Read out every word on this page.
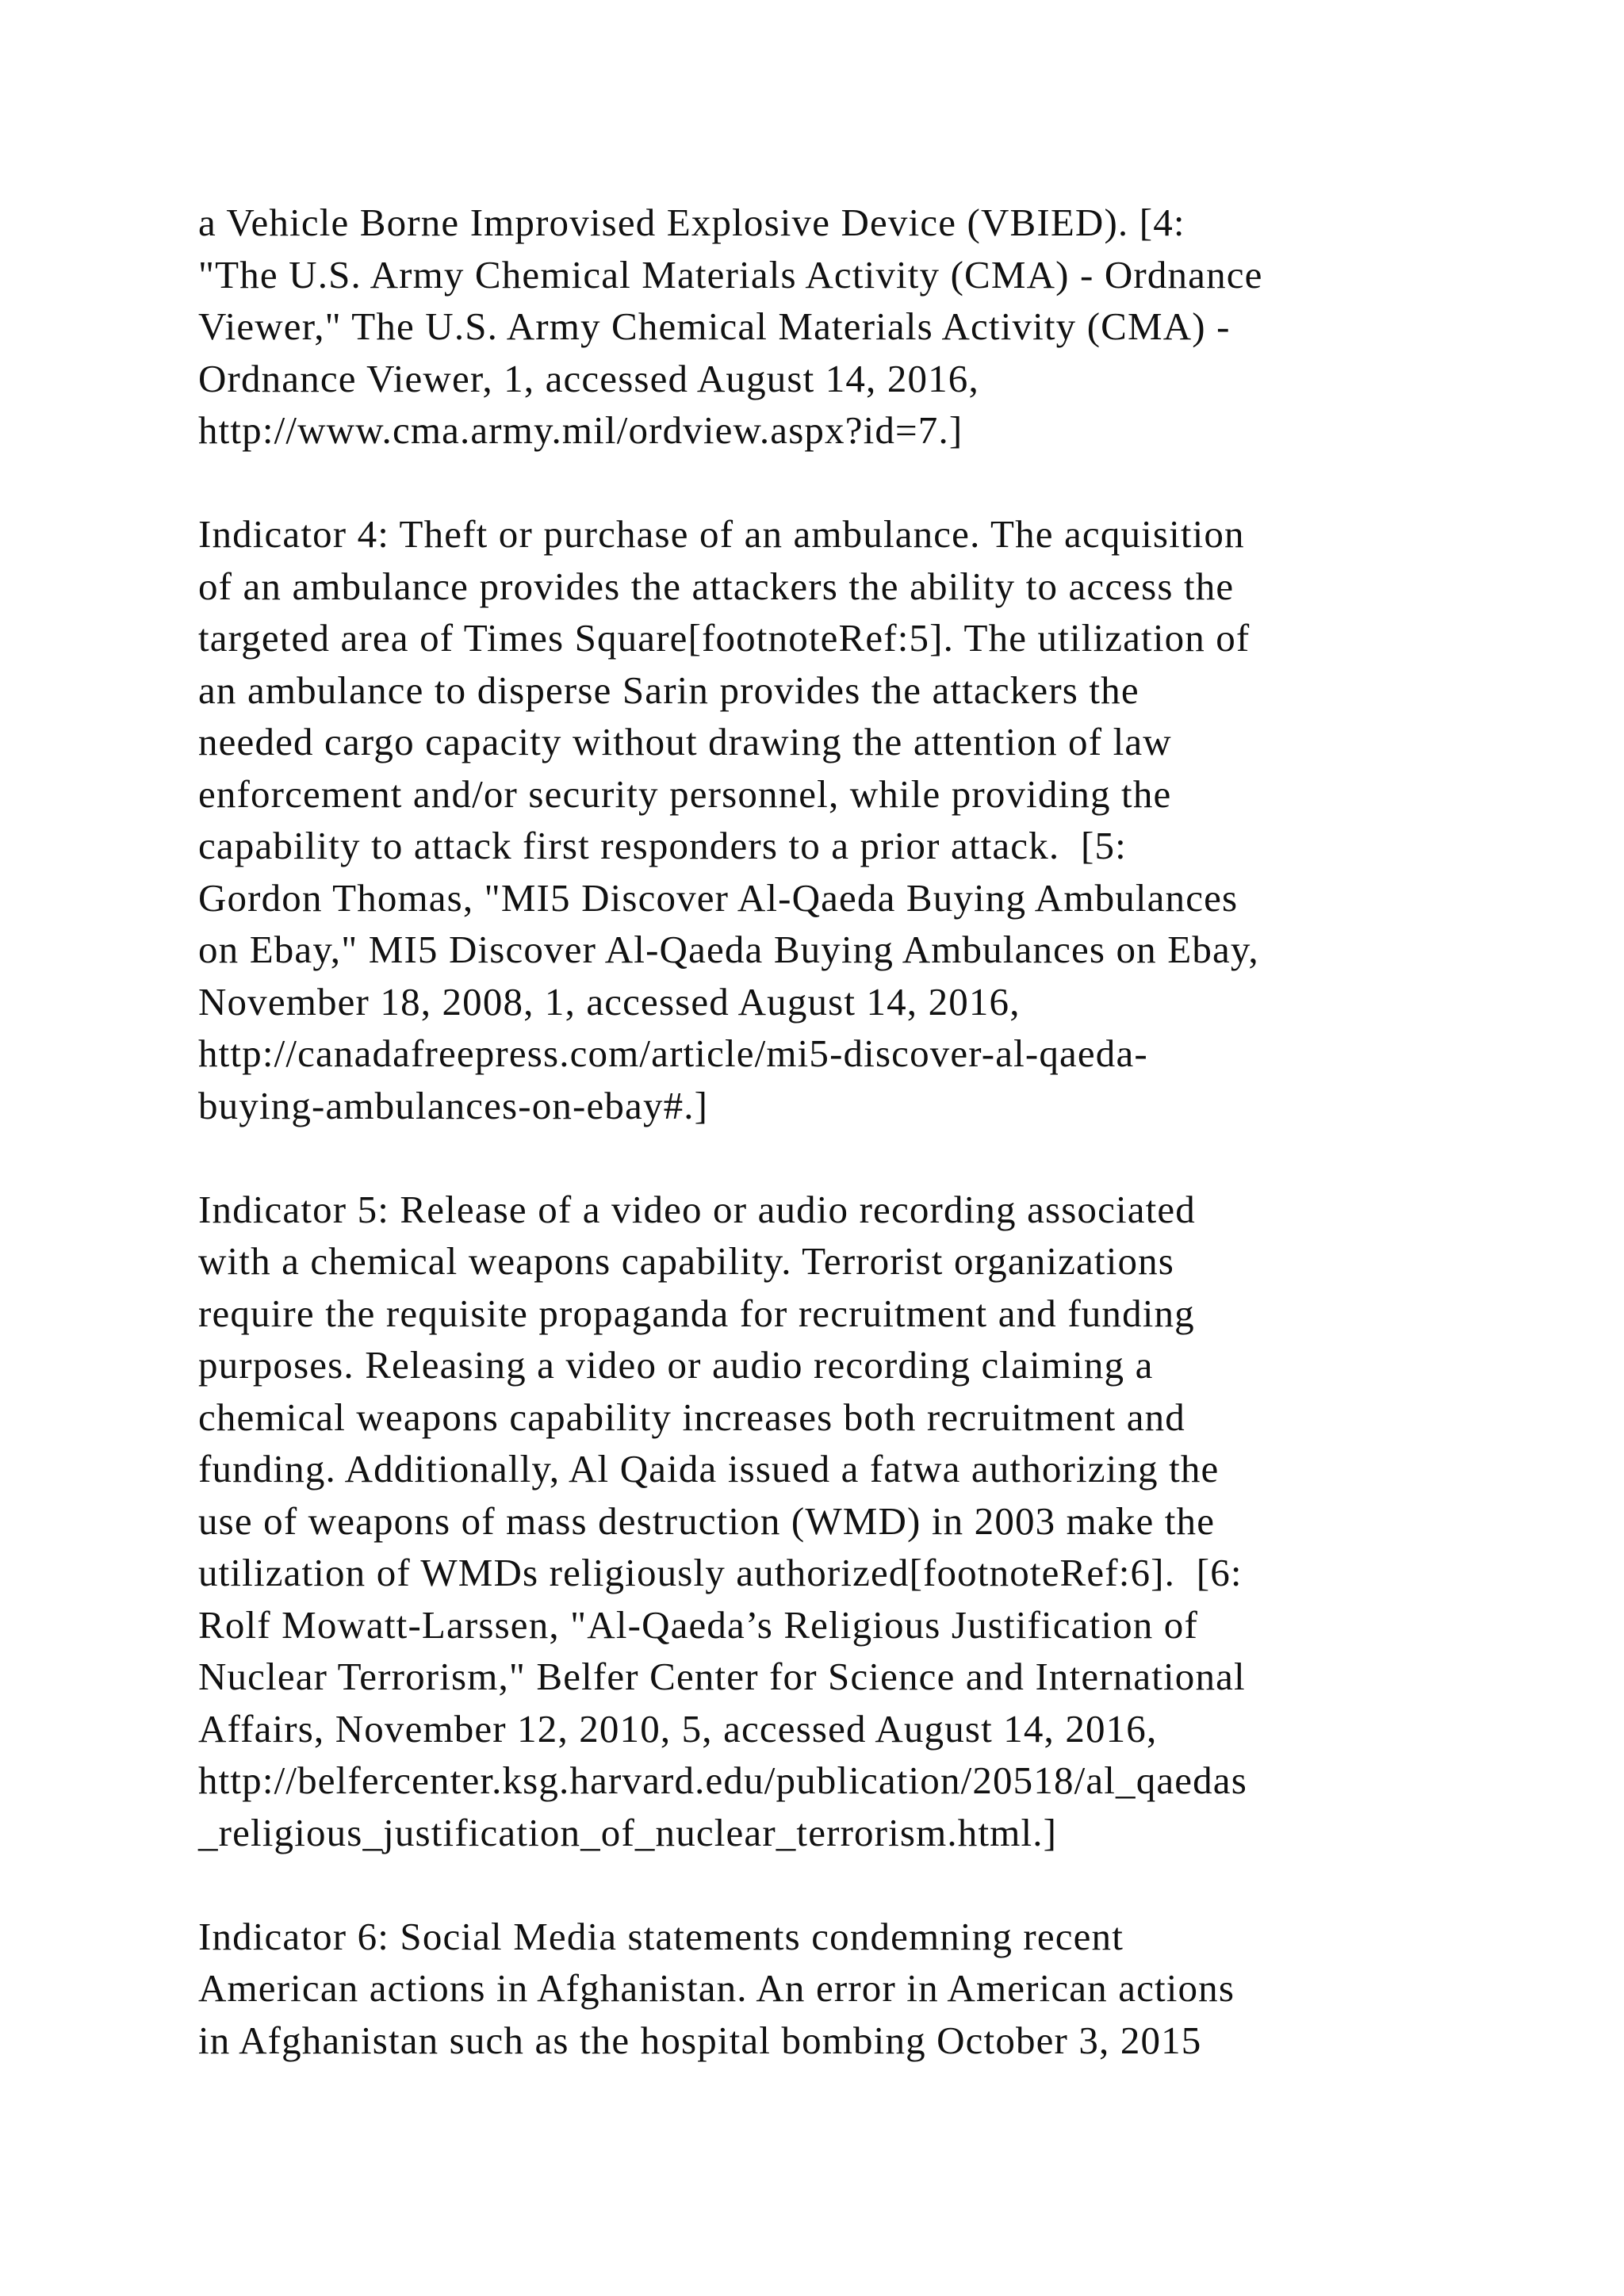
a Vehicle Borne Improvised Explosive Device (VBIED). [4:
"The U.S. Army Chemical Materials Activity (CMA) - Ordnance
Viewer," The U.S. Army Chemical Materials Activity (CMA) -
Ordnance Viewer, 1, accessed August 14, 2016,
http://www.cma.army.mil/ordview.aspx?id=7.]
Indicator 4: Theft or purchase of an ambulance. The acquisition
of an ambulance provides the attackers the ability to access the
targeted area of Times Square[footnoteRef:5]. The utilization of
an ambulance to disperse Sarin provides the attackers the
needed cargo capacity without drawing the attention of law
enforcement and/or security personnel, while providing the
capability to attack first responders to a prior attack.  [5:
Gordon Thomas, "MI5 Discover Al-Qaeda Buying Ambulances
on Ebay," MI5 Discover Al-Qaeda Buying Ambulances on Ebay,
November 18, 2008, 1, accessed August 14, 2016,
http://canadafreepress.com/article/mi5-discover-al-qaeda-
buying-ambulances-on-ebay#.]
Indicator 5: Release of a video or audio recording associated
with a chemical weapons capability. Terrorist organizations
require the requisite propaganda for recruitment and funding
purposes. Releasing a video or audio recording claiming a
chemical weapons capability increases both recruitment and
funding. Additionally, Al Qaida issued a fatwa authorizing the
use of weapons of mass destruction (WMD) in 2003 make the
utilization of WMDs religiously authorized[footnoteRef:6].  [6:
Rolf Mowatt-Larssen, "Al-Qaeda’s Religious Justification of
Nuclear Terrorism," Belfer Center for Science and International
Affairs, November 12, 2010, 5, accessed August 14, 2016,
http://belfercenter.ksg.harvard.edu/publication/20518/al_qaedas
_religious_justification_of_nuclear_terrorism.html.]
Indicator 6: Social Media statements condemning recent
American actions in Afghanistan. An error in American actions
in Afghanistan such as the hospital bombing October 3, 2015
